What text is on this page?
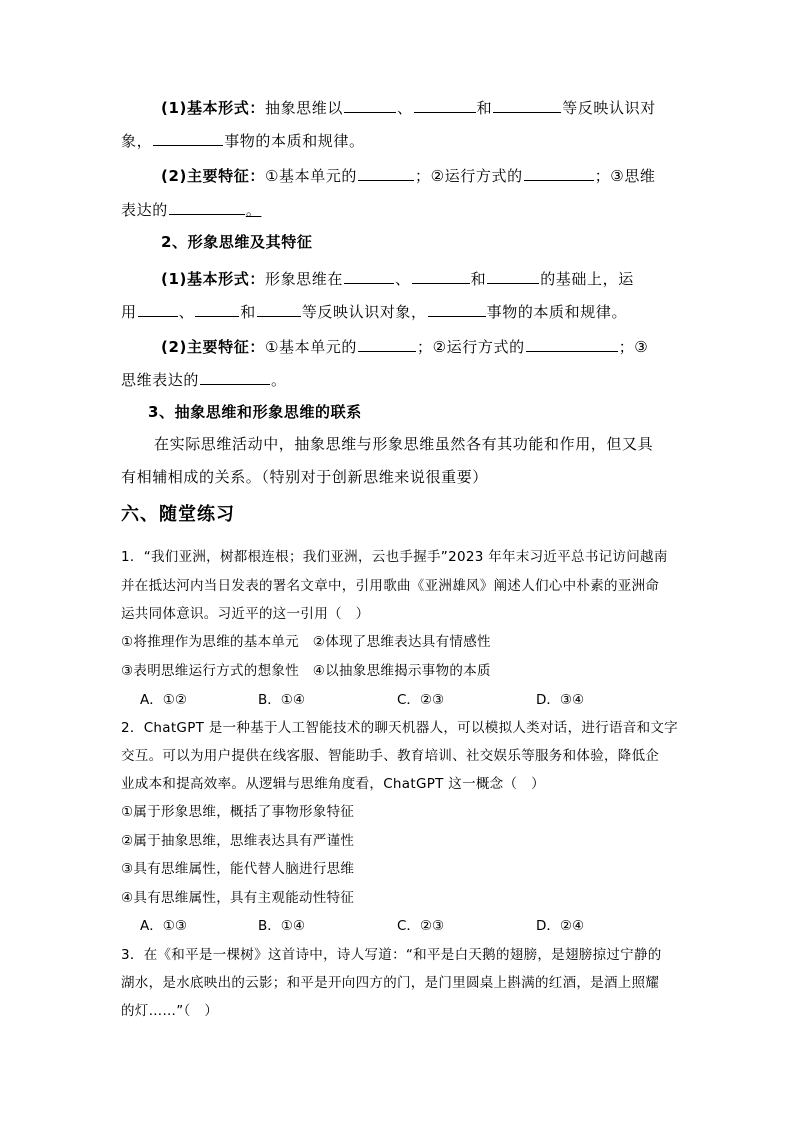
(1)基本形式：抽象思维以	、	和	等反映认识对
象，	事物的本质和规律。
(2)主要特征：①基本单元的	；②运行方式的	；③思维
表达的	。
2、形象思维及其特征
(1)基本形式：形象思维在	、	和	的基础上，运
用	、	和	等反映认识对象，	事物的本质和规律。
(2)主要特征：①基本单元的	；②运行方式的	；③
思维表达的	。
3、抽象思维和形象思维的联系
在实际思维活动中，抽象思维与形象思维虽然各有其功能和作用，但又具
有相辅相成的关系。（特别对于创新思维来说很重要）
六、随堂练习
1．“我们亚洲，树都根连根；我们亚洲，云也手握手”2023 年年末习近平总书记访问越南
并在抵达河内当日发表的署名文章中，引用歌曲《亚洲雄风》阐述人们心中朴素的亚洲命
运共同体意识。习近平的这一引用（　）
①将推理作为思维的基本单元　②体现了思维表达具有情感性
③表明思维运行方式的想象性　④以抽象思维揭示事物的本质
A．①②	B．①④	C．②③	D．③④
2．ChatGPT 是一种基于人工智能技术的聊天机器人，可以模拟人类对话，进行语音和文字
交互。可以为用户提供在线客服、智能助手、教育培训、社交娱乐等服务和体验，降低企
业成本和提高效率。从逻辑与思维角度看，ChatGPT 这一概念（　）
①属于形象思维，概括了事物形象特征
②属于抽象思维，思维表达具有严谨性
③具有思维属性，能代替人脑进行思维
④具有思维属性，具有主观能动性特征
A．①③	B．①④	C．②③	D．②④
3．在《和平是一棵树》这首诗中，诗人写道：“和平是白天鹅的翅膀，是翅膀掠过宁静的
湖水，是水底映出的云影；和平是开向四方的门，是门里圆桌上斟满的红酒，是酒上照耀
的灯……”（　）
